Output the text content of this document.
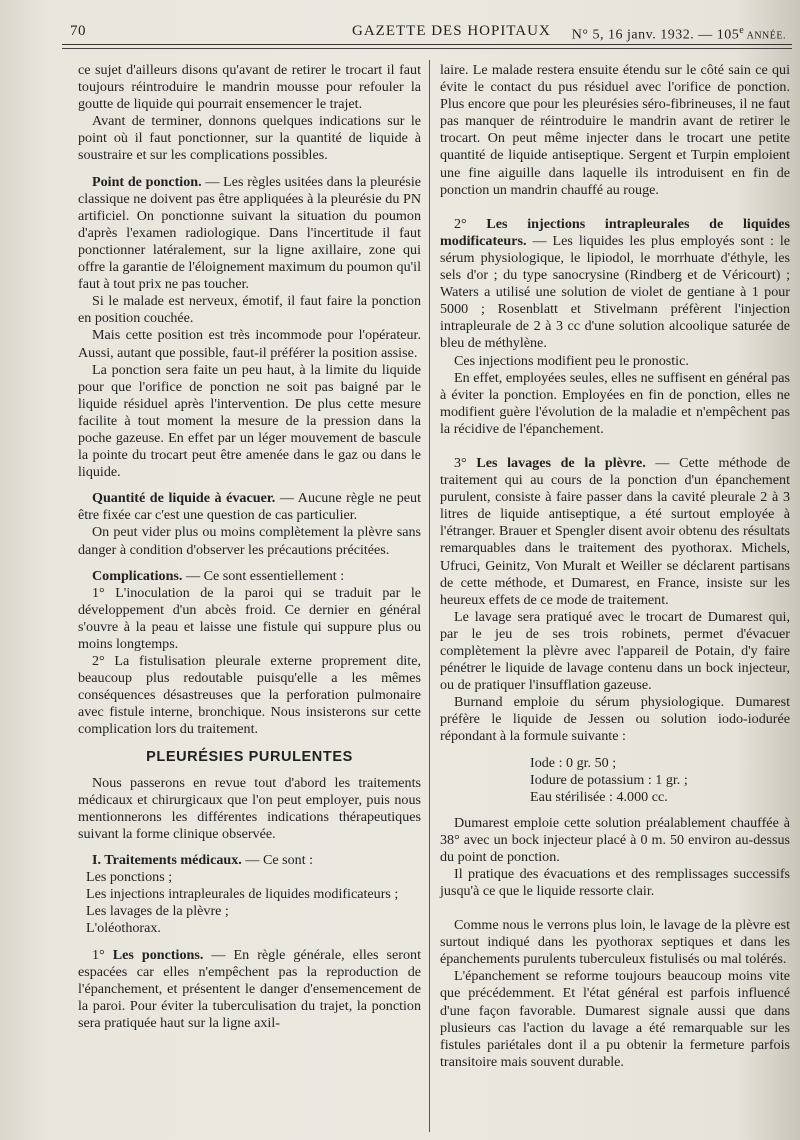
70	GAZETTE DES HOPITAUX N° 5, 16 janv. 1932. — 105e ANNÉE.

ce sujet d'ailleurs disons qu'avant de retirer le trocart il faut toujours réintroduire le mandrin mousse pour refouler la goutte de liquide qui pourrait ensemencer le trajet.

Avant de terminer, donnons quelques indications sur le point où il faut ponctionner, sur la quantité de liquide à soustraire et sur les complications possibles.

Point de ponction. — Les règles usitées dans la pleurésie classique ne doivent pas être appliquées à la pleurésie du PN artificiel. On ponctionne suivant la situation du poumon d'après l'examen radiologique. Dans l'incertitude il faut ponctionner latéralement, sur la ligne axillaire, zone qui offre la garantie de l'éloignement maximum du poumon qu'il faut à tout prix ne pas toucher.

Si le malade est nerveux, émotif, il faut faire la ponction en position couchée.

Mais cette position est très incommode pour l'opérateur. Aussi, autant que possible, faut-il préférer la position assise.

La ponction sera faite un peu haut, à la limite du liquide pour que l'orifice de ponction ne soit pas baigné par le liquide résiduel après l'intervention. De plus cette mesure facilite à tout moment la mesure de la pression dans la poche gazeuse. En effet par un léger mouvement de bascule la pointe du trocart peut être amenée dans le gaz ou dans le liquide.

Quantité de liquide à évacuer. — Aucune règle ne peut être fixée car c'est une question de cas particulier.

On peut vider plus ou moins complètement la plèvre sans danger à condition d'observer les précautions précitées.

Complications. — Ce sont essentiellement :

1° L'inoculation de la paroi qui se traduit par le développement d'un abcès froid. Ce dernier en général s'ouvre à la peau et laisse une fistule qui suppure plus ou moins longtemps.

2° La fistulisation pleurale externe proprement dite, beaucoup plus redoutable puisqu'elle a les mêmes conséquences désastreuses que la perforation pulmonaire avec fistule interne, bronchique. Nous insisterons sur cette complication lors du traitement.

PLEURÉSIES PURULENTES

Nous passerons en revue tout d'abord les traitements médicaux et chirurgicaux que l'on peut employer, puis nous mentionnerons les différentes indications thérapeutiques suivant la forme clinique observée.

I. Traitements médicaux. — Ce sont :

Les ponctions ;

Les injections intrapleurales de liquides modificateurs ;

Les lavages de la plèvre ;

L'oléothorax.

1° Les ponctions. — En règle générale, elles seront espacées car elles n'empêchent pas la reproduction de l'épanchement, et présentent le danger d'ensemencement de la paroi. Pour éviter la tuberculisation du trajet, la ponction sera pratiquée haut sur la ligne axil-

laire. Le malade restera ensuite étendu sur le côté sain ce qui évite le contact du pus résiduel avec l'orifice de ponction. Plus encore que pour les pleurésies séro-fibrineuses, il ne faut pas manquer de réintroduire le mandrin avant de retirer le trocart. On peut même injecter dans le trocart une petite quantité de liquide antiseptique. Sergent et Turpin emploient une fine aiguille dans laquelle ils introduisent en fin de ponction un mandrin chauffé au rouge.

2° Les injections intrapleurales de liquides modificateurs. — Les liquides les plus employés sont : le sérum physiologique, le lipiodol, le morrhuate d'éthyle, les sels d'or ; du type sanocrysine (Rindberg et de Véricourt) ; Waters a utilisé une solution de violet de gentiane à 1 pour 5000 ; Rosenblatt et Stivelmann préfèrent l'injection intrapleurale de 2 à 3 cc d'une solution alcoolique saturée de bleu de méthylène.

Ces injections modifient peu le pronostic.

En effet, employées seules, elles ne suffisent en général pas à éviter la ponction. Employées en fin de ponction, elles ne modifient guère l'évolution de la maladie et n'empêchent pas la récidive de l'épanchement.

3° Les lavages de la plèvre. — Cette méthode de traitement qui au cours de la ponction d'un épanchement purulent, consiste à faire passer dans la cavité pleurale 2 à 3 litres de liquide antiseptique, a été surtout employée à l'étranger. Brauer et Spengler disent avoir obtenu des résultats remarquables dans le traitement des pyothorax. Michels, Ufruci, Geinitz, Von Muralt et Weiller se déclarent partisans de cette méthode, et Dumarest, en France, insiste sur les heureux effets de ce mode de traitement.

Le lavage sera pratiqué avec le trocart de Dumarest qui, par le jeu de ses trois robinets, permet d'évacuer complètement la plèvre avec l'appareil de Potain, d'y faire pénétrer le liquide de lavage contenu dans un bock injecteur, ou de pratiquer l'insufflation gazeuse.

Burnand emploie du sérum physiologique. Dumarest préfère le liquide de Jessen ou solution iodo-iodurée répondant à la formule suivante :

Iode : 0 gr. 50 ;
Iodure de potassium : 1 gr. ;
Eau stérilisée : 4.000 cc.

Dumarest emploie cette solution préalablement chauffée à 38° avec un bock injecteur placé à 0 m. 50 environ au-dessus du point de ponction.

Il pratique des évacuations et des remplissages successifs jusqu'à ce que le liquide ressorte clair.

Comme nous le verrons plus loin, le lavage de la plèvre est surtout indiqué dans les pyothorax septiques et dans les épanchements purulents tuberculeux fistulisés ou mal tolérés.

L'épanchement se reforme toujours beaucoup moins vite que précédemment. Et l'état général est parfois influencé d'une façon favorable. Dumarest signale aussi que dans plusieurs cas l'action du lavage a été remarquable sur les fistules pariétales dont il a pu obtenir la fermeture parfois transitoire mais souvent durable.
